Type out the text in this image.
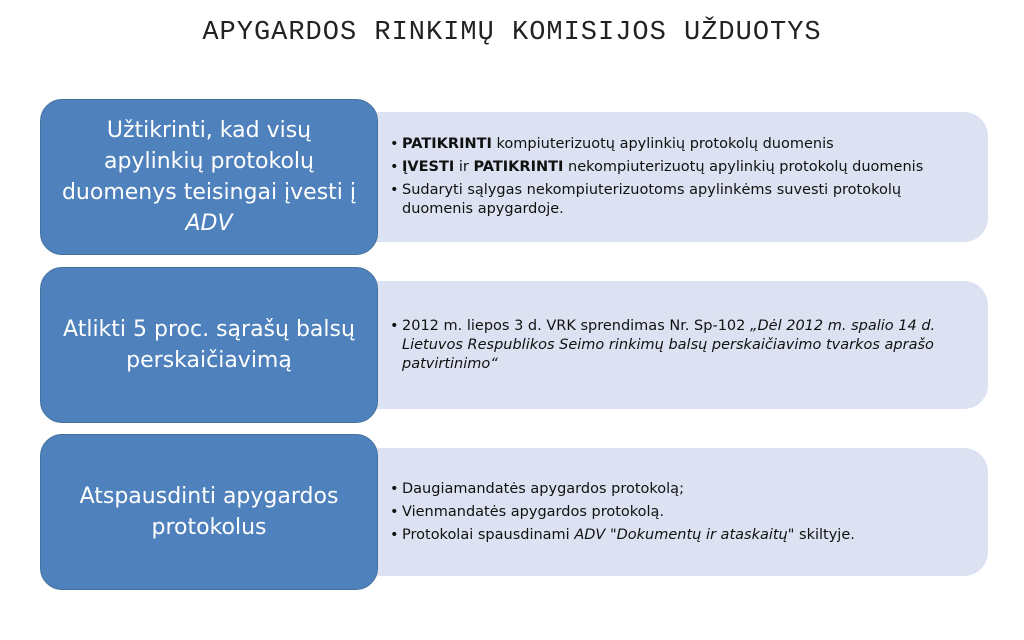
APYGARDOS RINKIMŲ KOMISIJOS UŽDUOTYS
• PATIKRINTI kompiuterizuotų apylinkių protokolų duomenis
• ĮVESTI ir PATIKRINTI nekompiuterizuotų apylinkių protokolų duomenis
• Sudaryti sąlygas nekompiuterizuotoms apylinkėms suvesti protokolų duomenis apygardoje.
Užtikrinti, kad visų apylinkių protokolų duomenys teisingai įvesti į ADV
• 2012 m. liepos 3 d. VRK sprendimas Nr. Sp-102 „Dėl 2012 m. spalio 14 d. Lietuvos Respublikos Seimo rinkimų balsų perskaičiavimo tvarkos aprašo patvirtinimo“
Atlikti 5 proc. sąrašų balsų perskaičiavimą
• Daugiamandatės apygardos protokolą;
• Vienmandatės apygardos protokolą.
• Protokolai spausdinami ADV "Dokumentų ir ataskaitų" skiltyje.
Atspausdinti apygardos protokolus
